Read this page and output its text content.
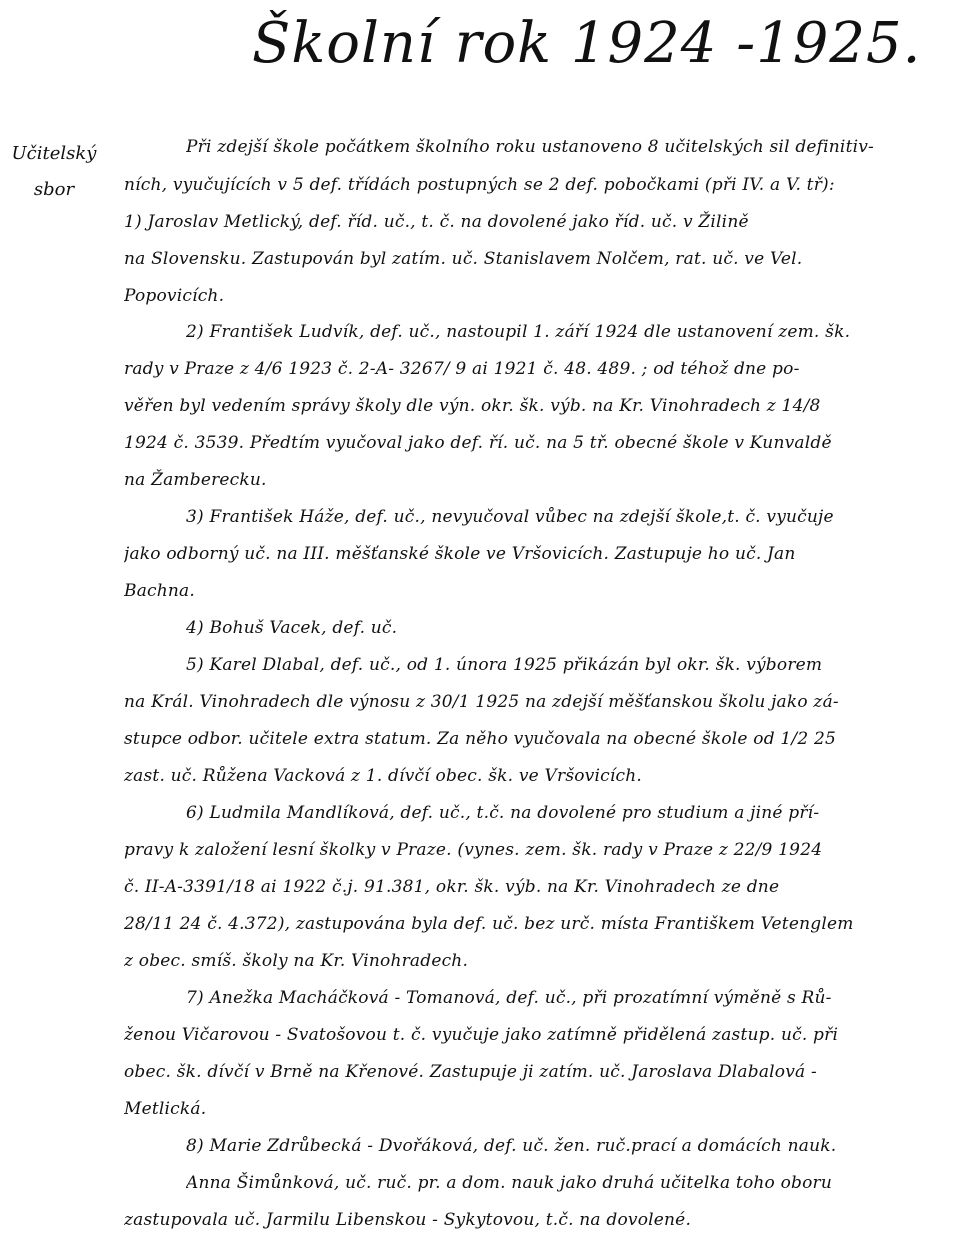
Školní rok 1924 -1925.
Učitelský
sbor
Při zdejší škole počátkem školního roku ustanoveno 8 učitelských sil definitiv-
ních, vyučujících v 5 def. třídách postupných se 2 def. pobočkami (při IV. a V. tř):
1) Jaroslav Metlický, def. říd. uč., t. č. na dovolené jako říd. uč. v Žilině
na Slovensku. Zastupován byl zatím. uč. Stanislavem Nolčem, rat. uč. ve Vel.
Popovicích.
2) František Ludvík, def. uč., nastoupil 1. září 1924 dle ustanovení zem. šk.
rady v Praze z 4/6 1923 č. 2-A- 3267/ 9 ai 1921 č. 48. 489. ; od téhož dne po-
věřen byl vedením správy školy dle výn. okr. šk. výb. na Kr. Vinohradech z 14/8
1924 č. 3539. Předtím vyučoval jako def. ří. uč. na 5 tř. obecné škole v Kunvaldě
na Žamberecku.
3) František Háže, def. uč., nevyučoval vůbec na zdejší škole,t. č. vyučuje
jako odborný uč. na III. měšťanské škole ve Vršovicích. Zastupuje ho uč. Jan
Bachna.
4) Bohuš Vacek, def. uč.
5) Karel Dlabal, def. uč., od 1. února 1925 přikázán byl okr. šk. výborem
na Král. Vinohradech dle výnosu z 30/1 1925 na zdejší měšťanskou školu jako zá-
stupce odbor. učitele extra statum. Za něho vyučovala na obecné škole od 1/2 25
zast. uč. Růžena Vacková z 1. dívčí obec. šk. ve Vršovicích.
6) Ludmila Mandlíková, def. uč., t.č. na dovolené pro studium a jiné pří-
pravy k založení lesní školky v Praze. (vynes. zem. šk. rady v Praze z 22/9 1924
č. II-A-3391/18 ai 1922 č.j. 91.381, okr. šk. výb. na Kr. Vinohradech ze dne
28/11 24 č. 4.372), zastupována byla def. uč. bez urč. místa Františkem Vetenglem
z obec. smíš. školy na Kr. Vinohradech.
7) Anežka Macháčková - Tomanová, def. uč., při prozatímní výměně s Rů-
ženou Vičarovou - Svatošovou t. č. vyučuje jako zatímně přidělená zastup. uč. při
obec. šk. dívčí v Brně na Křenové. Zastupuje ji zatím. uč. Jaroslava Dlabalová -
Metlická.
8) Marie Zdrůbecká - Dvořáková, def. uč. žen. ruč.prací a domácích nauk.
Anna Šimůnková, uč. ruč. pr. a dom. nauk jako druhá učitelka toho oboru
zastupovala uč. Jarmilu Libenskou - Sykytovou, t.č. na dovolené.
